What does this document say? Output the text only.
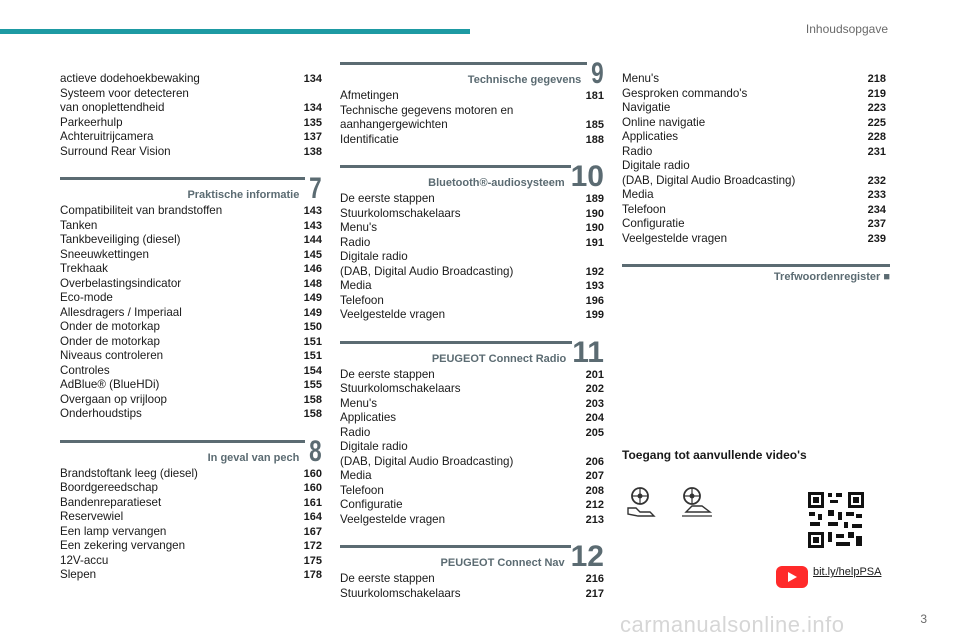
Inhoudsopgave
actieve dodehoekbewaking	134
Systeem voor detecteren
van onoplettendheid	134
Parkeerhulp	135
Achteruitrijcamera	137
Surround Rear Vision	138
Praktische informatie 7
Compatibiliteit van brandstoffen	143
Tanken	143
Tankbeveiliging (diesel)	144
Sneeuwkettingen	145
Trekhaak	146
Overbelastingsindicator	148
Eco-mode	149
Allesdragers / Imperiaal	149
Onder de motorkap	150
Onder de motorkap	151
Niveaus controleren	151
Controles	154
AdBlue® (BlueHDi)	155
Overgaan op vrijloop	158
Onderhoudstips	158
In geval van pech 8
Brandstoftank leeg (diesel)	160
Boordgereedschap	160
Bandenreparatieset	161
Reservewiel	164
Een lamp vervangen	167
Een zekering vervangen	172
12V-accu	175
Slepen	178
Technische gegevens 9
Afmetingen	181
Technische gegevens motoren en
aanhangergewichten	185
Identificatie	188
Bluetooth®-audiosysteem 10
De eerste stappen	189
Stuurkolomschakelaars	190
Menu's	190
Radio	191
Digitale radio
(DAB, Digital Audio Broadcasting)	192
Media	193
Telefoon	196
Veelgestelde vragen	199
PEUGEOT Connect Radio 11
De eerste stappen	201
Stuurkolomschakelaars	202
Menu's	203
Applicaties	204
Radio	205
Digitale radio
(DAB, Digital Audio Broadcasting)	206
Media	207
Telefoon	208
Configuratie	212
Veelgestelde vragen	213
PEUGEOT Connect Nav 12
De eerste stappen	216
Stuurkolomschakelaars	217
Menu's	218
Gesproken commando's	219
Navigatie	223
Online navigatie	225
Applicaties	228
Radio	231
Digitale radio
(DAB, Digital Audio Broadcasting)	232
Media	233
Telefoon	234
Configuratie	237
Veelgestelde vragen	239
Trefwoordenregister ■
Toegang tot aanvullende video's
bit.ly/helpPSA
carmanualsonline.info	3
